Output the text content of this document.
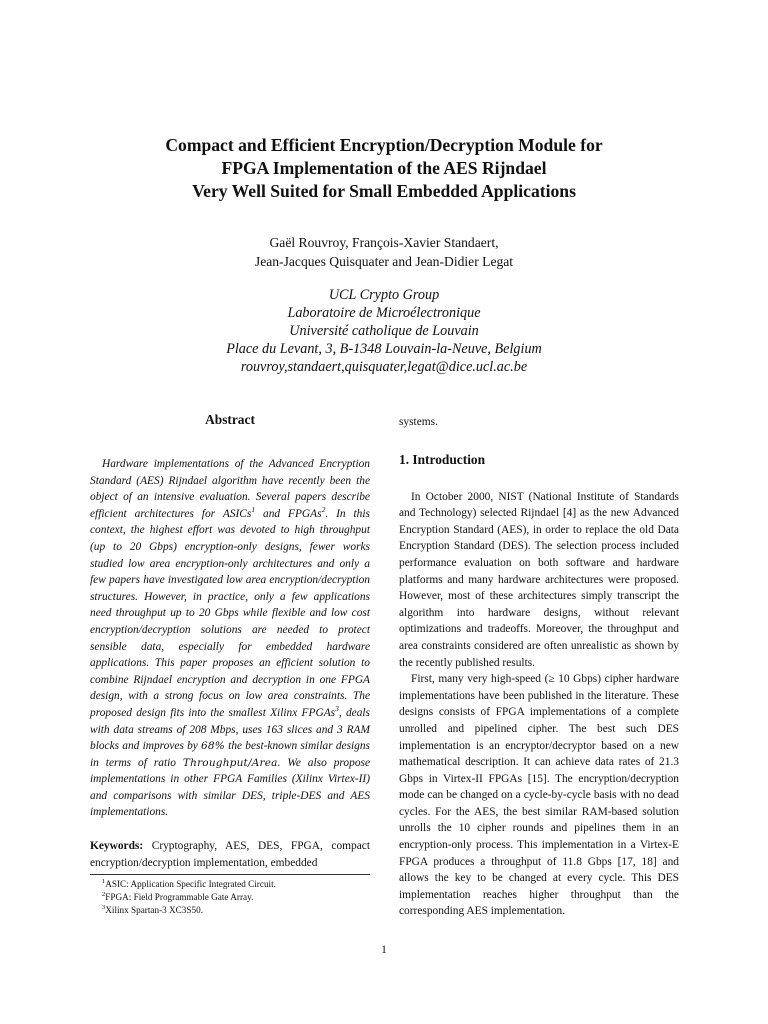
Compact and Efficient Encryption/Decryption Module for
FPGA Implementation of the AES Rijndael
Very Well Suited for Small Embedded Applications
Gaël Rouvroy, François-Xavier Standaert,
Jean-Jacques Quisquater and Jean-Didier Legat
UCL Crypto Group
Laboratoire de Microélectronique
Université catholique de Louvain
Place du Levant, 3, B-1348 Louvain-la-Neuve, Belgium
rouvroy,standaert,quisquater,legat@dice.ucl.ac.be
Abstract

Hardware implementations of the Advanced Encryption Standard (AES) Rijndael algorithm have recently been the object of an intensive evaluation. Several papers describe efficient architectures for ASICs$^1$ and FPGAs$^2$. In this context, the highest effort was devoted to high throughput (up to 20 Gbps) encryption-only designs, fewer works studied low area encryption-only architectures and only a few papers have investigated low area encryption/decryption structures. However, in practice, only a few applications need throughput up to 20 Gbps while flexible and low cost encryption/decryption solutions are needed to protect sensible data, especially for embedded hardware applications. This paper proposes an efficient solution to combine Rijndael encryption and decryption in one FPGA design, with a strong focus on low area constraints. The proposed design fits into the smallest Xilinx FPGAs$^3$, deals with data streams of 208 Mbps, uses 163 slices and 3 RAM blocks and improves by 68% the best-known similar designs in terms of ratio Throughput/Area. We also propose implementations in other FPGA Families (Xilinx Virtex-II) and comparisons with similar DES, triple-DES and AES implementations.

Keywords: Cryptography, AES, DES, FPGA, compact encryption/decryption implementation, embedded

$^1$ASIC: Application Specific Integrated Circuit.
$^2$FPGA: Field Programmable Gate Array.
$^3$Xilinx Spartan-3 XC3S50.

systems.

1. Introduction

In October 2000, NIST (National Institute of Standards and Technology) selected Rijndael [4] as the new Advanced Encryption Standard (AES), in order to replace the old Data Encryption Standard (DES). The selection process included performance evaluation on both software and hardware platforms and many hardware architectures were proposed. However, most of these architectures simply transcript the algorithm into hardware designs, without relevant optimizations and tradeoffs. Moreover, the throughput and area constraints considered are often unrealistic as shown by the recently published results.

First, many very high-speed (≥ 10 Gbps) cipher hardware implementations have been published in the literature. These designs consists of FPGA implementations of a complete unrolled and pipelined cipher. The best such DES implementation is an encryptor/decryptor based on a new mathematical description. It can achieve data rates of 21.3 Gbps in Virtex-II FPGAs [15]. The encryption/decryption mode can be changed on a cycle-by-cycle basis with no dead cycles. For the AES, the best similar RAM-based solution unrolls the 10 cipher rounds and pipelines them in an encryption-only process. This implementation in a Virtex-E FPGA produces a throughput of 11.8 Gbps [17, 18] and allows the key to be changed at every cycle. This DES implementation reaches higher throughput than the corresponding AES implementation.

1
